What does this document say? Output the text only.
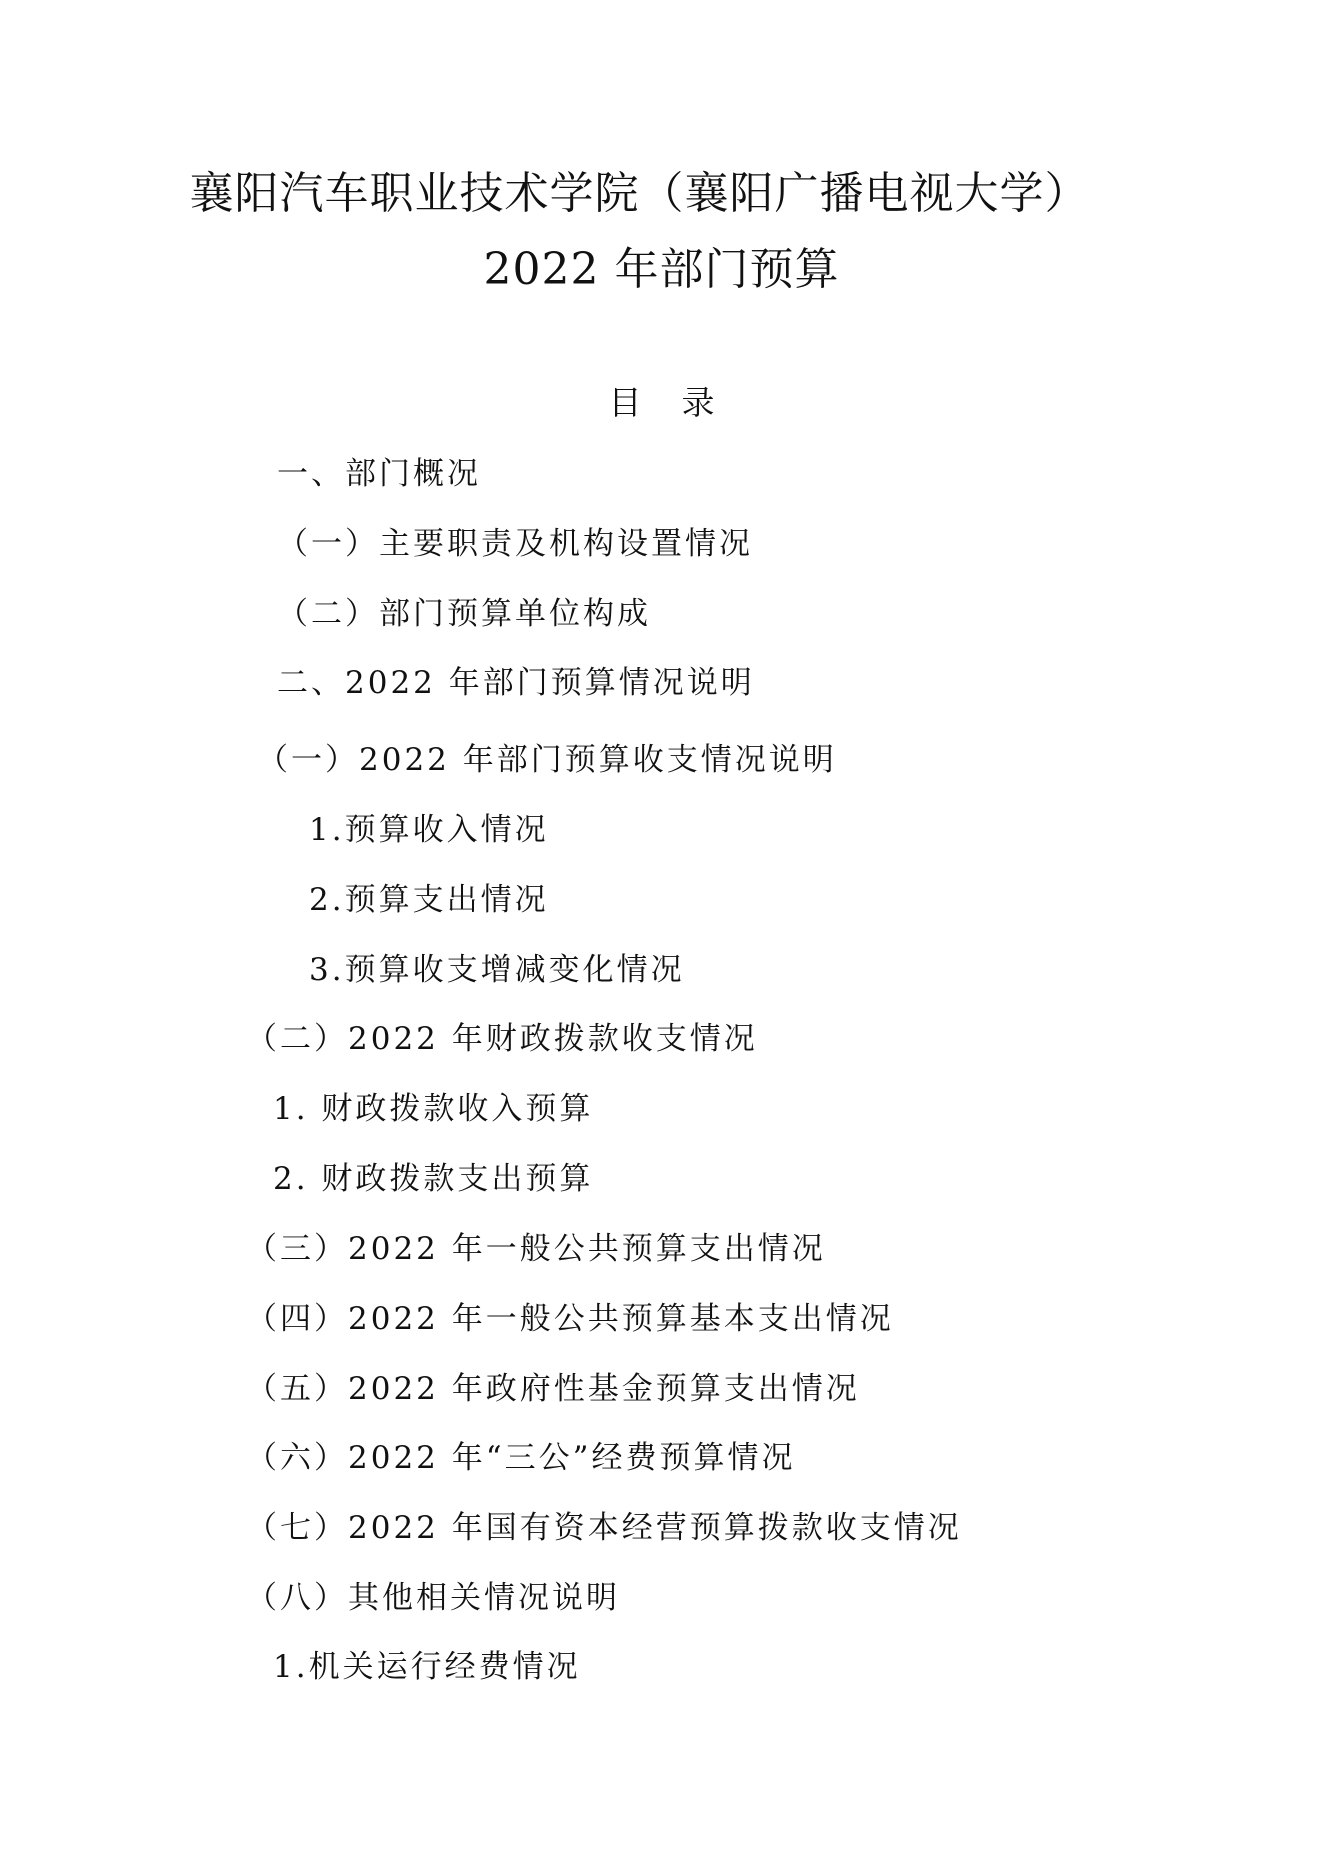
襄阳汽车职业技术学院（襄阳广播电视大学）
2022 年部门预算
目录
一、部门概况
（一）主要职责及机构设置情况
（二）部门预算单位构成
二、2022 年部门预算情况说明
（一）2022 年部门预算收支情况说明
1.预算收入情况
2.预算支出情况
3.预算收支增减变化情况
（二）2022 年财政拨款收支情况
1. 财政拨款收入预算
2. 财政拨款支出预算
（三）2022 年一般公共预算支出情况
（四）2022 年一般公共预算基本支出情况
（五）2022 年政府性基金预算支出情况
（六）2022 年“三公”经费预算情况
（七）2022 年国有资本经营预算拨款收支情况
（八）其他相关情况说明
1.机关运行经费情况
